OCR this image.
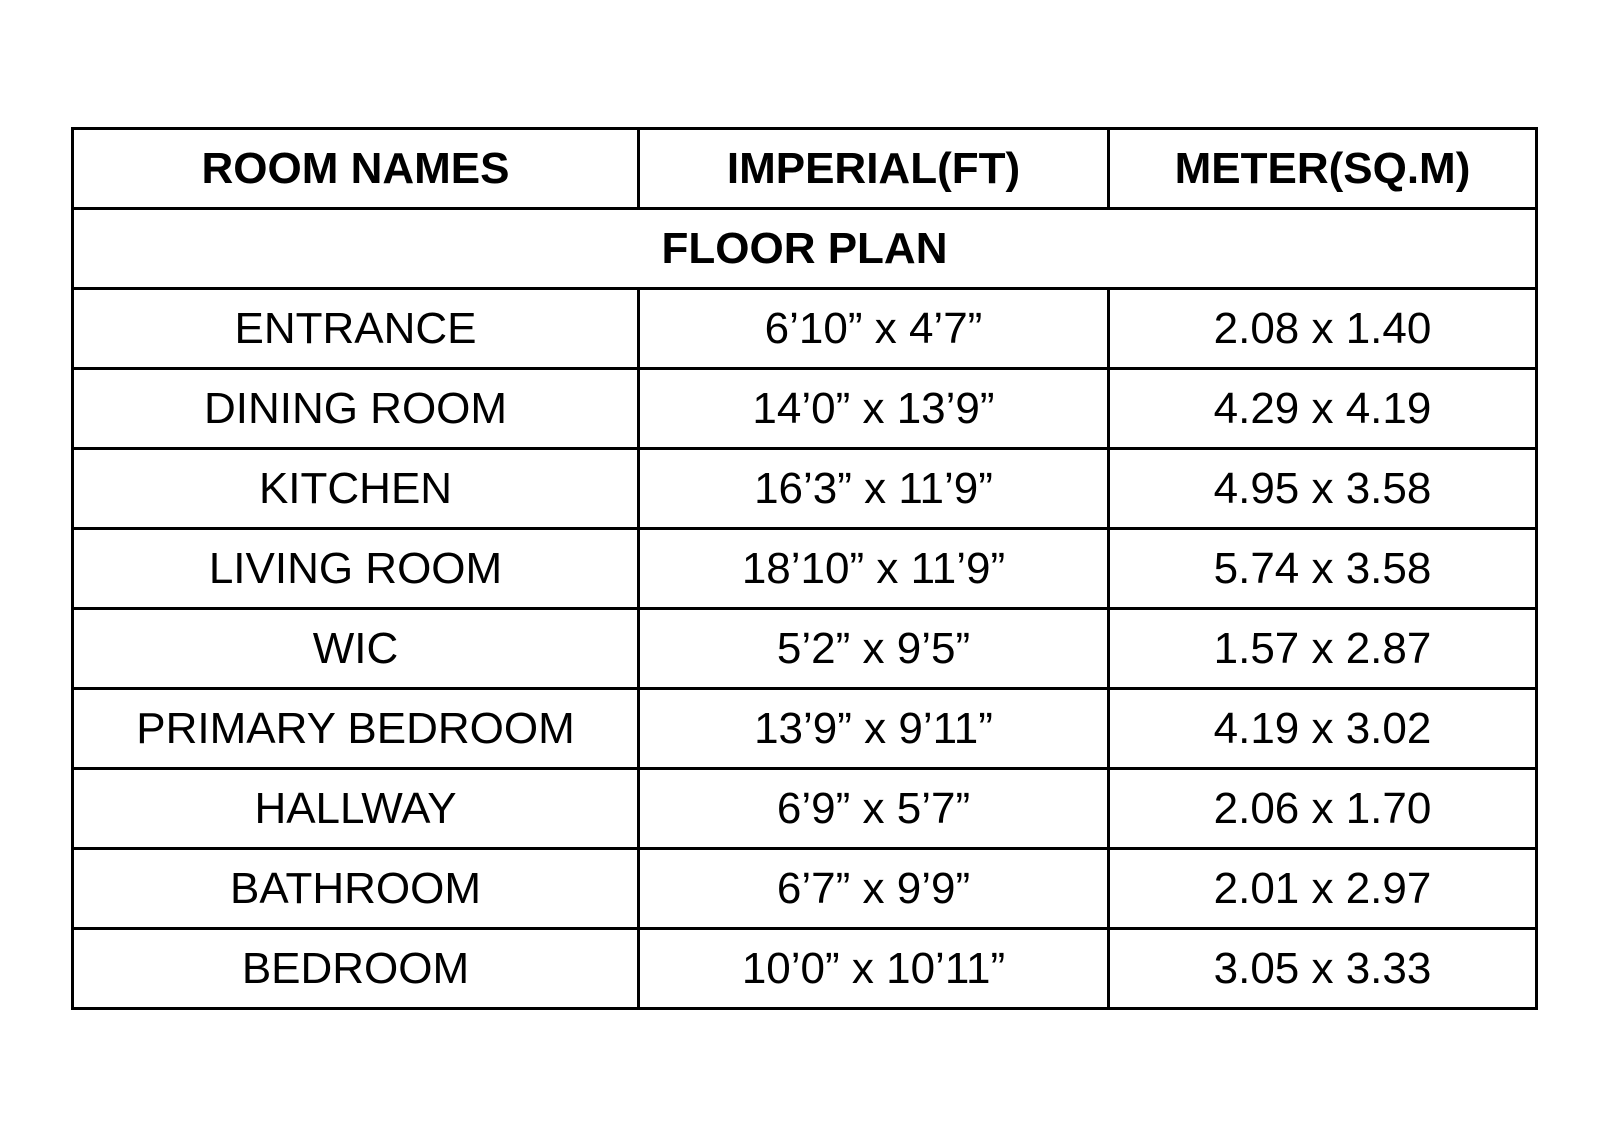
ROOM NAMES	IMPERIAL(FT)	METER(SQ.M)
FLOOR PLAN		
ENTRANCE	6’10” x 4’7”	2.08 x 1.40
DINING ROOM	14’0” x 13’9”	4.29 x 4.19
KITCHEN	16’3” x 11’9”	4.95 x 3.58
LIVING ROOM	18’10” x 11’9”	5.74 x 3.58
WIC	5’2” x 9’5”	1.57 x 2.87
PRIMARY BEDROOM	13’9” x 9’11”	4.19 x 3.02
HALLWAY	6’9” x 5’7”	2.06 x 1.70
BATHROOM	6’7” x 9’9”	2.01 x 2.97
BEDROOM	10’0” x 10’11”	3.05 x 3.33
